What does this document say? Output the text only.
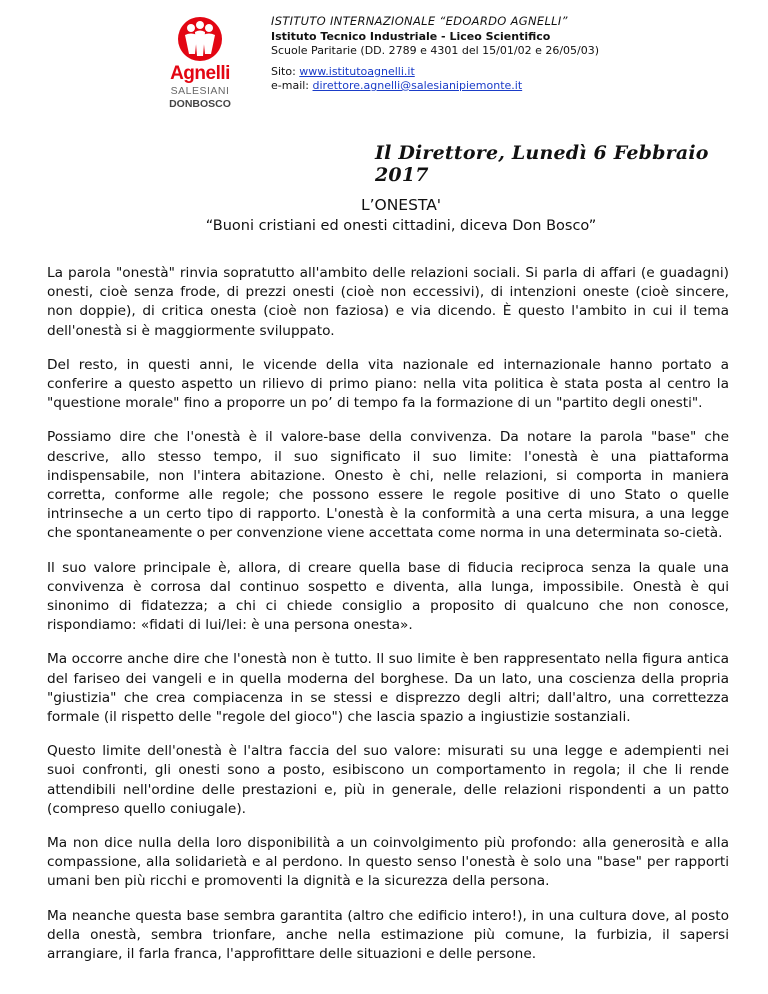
Agnelli
SALESIANI
DONBOSCO
ISTITUTO INTERNAZIONALE “EDOARDO AGNELLI”
Istituto Tecnico Industriale - Liceo Scientifico
Scuole Paritarie (DD. 2789 e 4301 del 15/01/02 e 26/05/03)
Sito: www.istitutoagnelli.it
e-mail: direttore.agnelli@salesianipiemonte.it
Il Direttore, Lunedì 6 Febbraio 2017
L’ONESTA'
“Buoni cristiani ed onesti cittadini, diceva Don Bosco”

La parola "onestà" rinvia sopratutto all'ambito delle relazioni sociali. Si parla di affari (e guadagni) onesti, cioè senza frode, di prezzi onesti (cioè non eccessivi), di intenzioni oneste (cioè sincere, non doppie), di critica onesta (cioè non faziosa) e via dicendo. È questo l'ambito in cui il tema dell'onestà si è maggiormente sviluppato.

Del resto, in questi anni, le vicende della vita nazionale ed internazionale hanno portato a conferire a questo aspetto un rilievo di primo piano: nella vita politica è stata posta al centro la "questione morale" fino a proporre un po’ di tempo fa la formazione di un "partito degli onesti".

Possiamo dire che l'onestà è il valore-base della convivenza. Da notare la parola "base" che descrive, allo stesso tempo, il suo significato il suo limite: l'onestà è una piattaforma indispensabile, non l'intera abitazione. Onesto è chi, nelle relazioni, si comporta in maniera corretta, conforme alle regole; che possono essere le regole positive di uno Stato o quelle intrinseche a un certo tipo di rapporto. L'onestà è la conformità a una certa misura, a una legge che spontaneamente o per convenzione viene accettata come norma in una determinata so-cietà.

Il suo valore principale è, allora, di creare quella base di fiducia reciproca senza la quale una convivenza è corrosa dal continuo sospetto e diventa, alla lunga, impossibile. Onestà è qui sinonimo di fidatezza; a chi ci chiede consiglio a proposito di qualcuno che non conosce, rispondiamo: «fidati di lui/lei: è una persona onesta».

Ma occorre anche dire che l'onestà non è tutto. Il suo limite è ben rappresentato nella figura antica del fariseo dei vangeli e in quella moderna del borghese. Da un lato, una coscienza della propria "giustizia" che crea compiacenza in se stessi e disprezzo degli altri; dall'altro, una correttezza formale (il rispetto delle "regole del gioco") che lascia spazio a ingiustizie sostanziali.

Questo limite dell'onestà è l'altra faccia del suo valore: misurati su una legge e adempienti nei suoi confronti, gli onesti sono a posto, esibiscono un comportamento in regola; il che li rende attendibili nell'ordine delle prestazioni e, più in generale, delle relazioni rispondenti a un patto (compreso quello coniugale).

Ma non dice nulla della loro disponibilità a un coinvolgimento più profondo: alla generosità e alla compassione, alla solidarietà e al perdono. In questo senso l'onestà è solo una "base" per rapporti umani ben più ricchi e promoventi la dignità e la sicurezza della persona.

Ma neanche questa base sembra garantita (altro che edificio intero!), in una cultura dove, al posto della onestà, sembra trionfare, anche nella estimazione più comune, la furbizia, il sapersi arrangiare, il farla franca, l'approfittare delle situazioni e delle persone.
